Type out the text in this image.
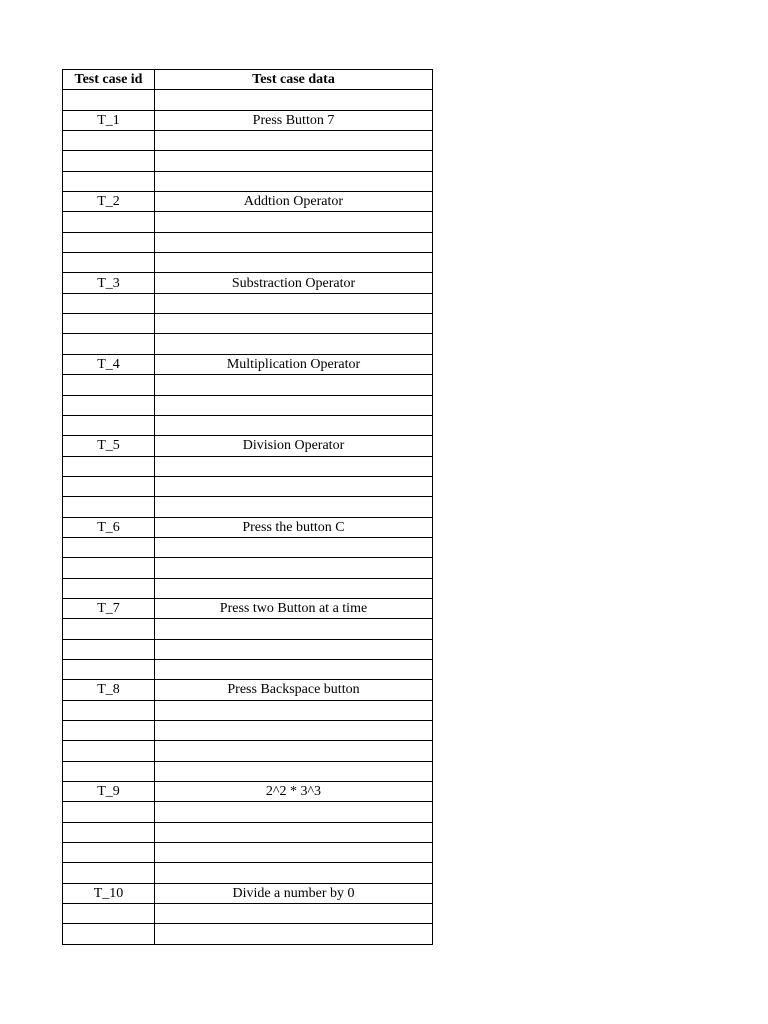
Test case id	Test case data

T_1	Press Button 7

T_2	Addtion Operator

T_3	Substraction Operator

T_4	Multiplication Operator

T_5	Division Operator

T_6	Press the button C

T_7	Press two Button at a time

T_8	Press Backspace button

T_9	2^2 * 3^3

T_10	Divide a number by 0
